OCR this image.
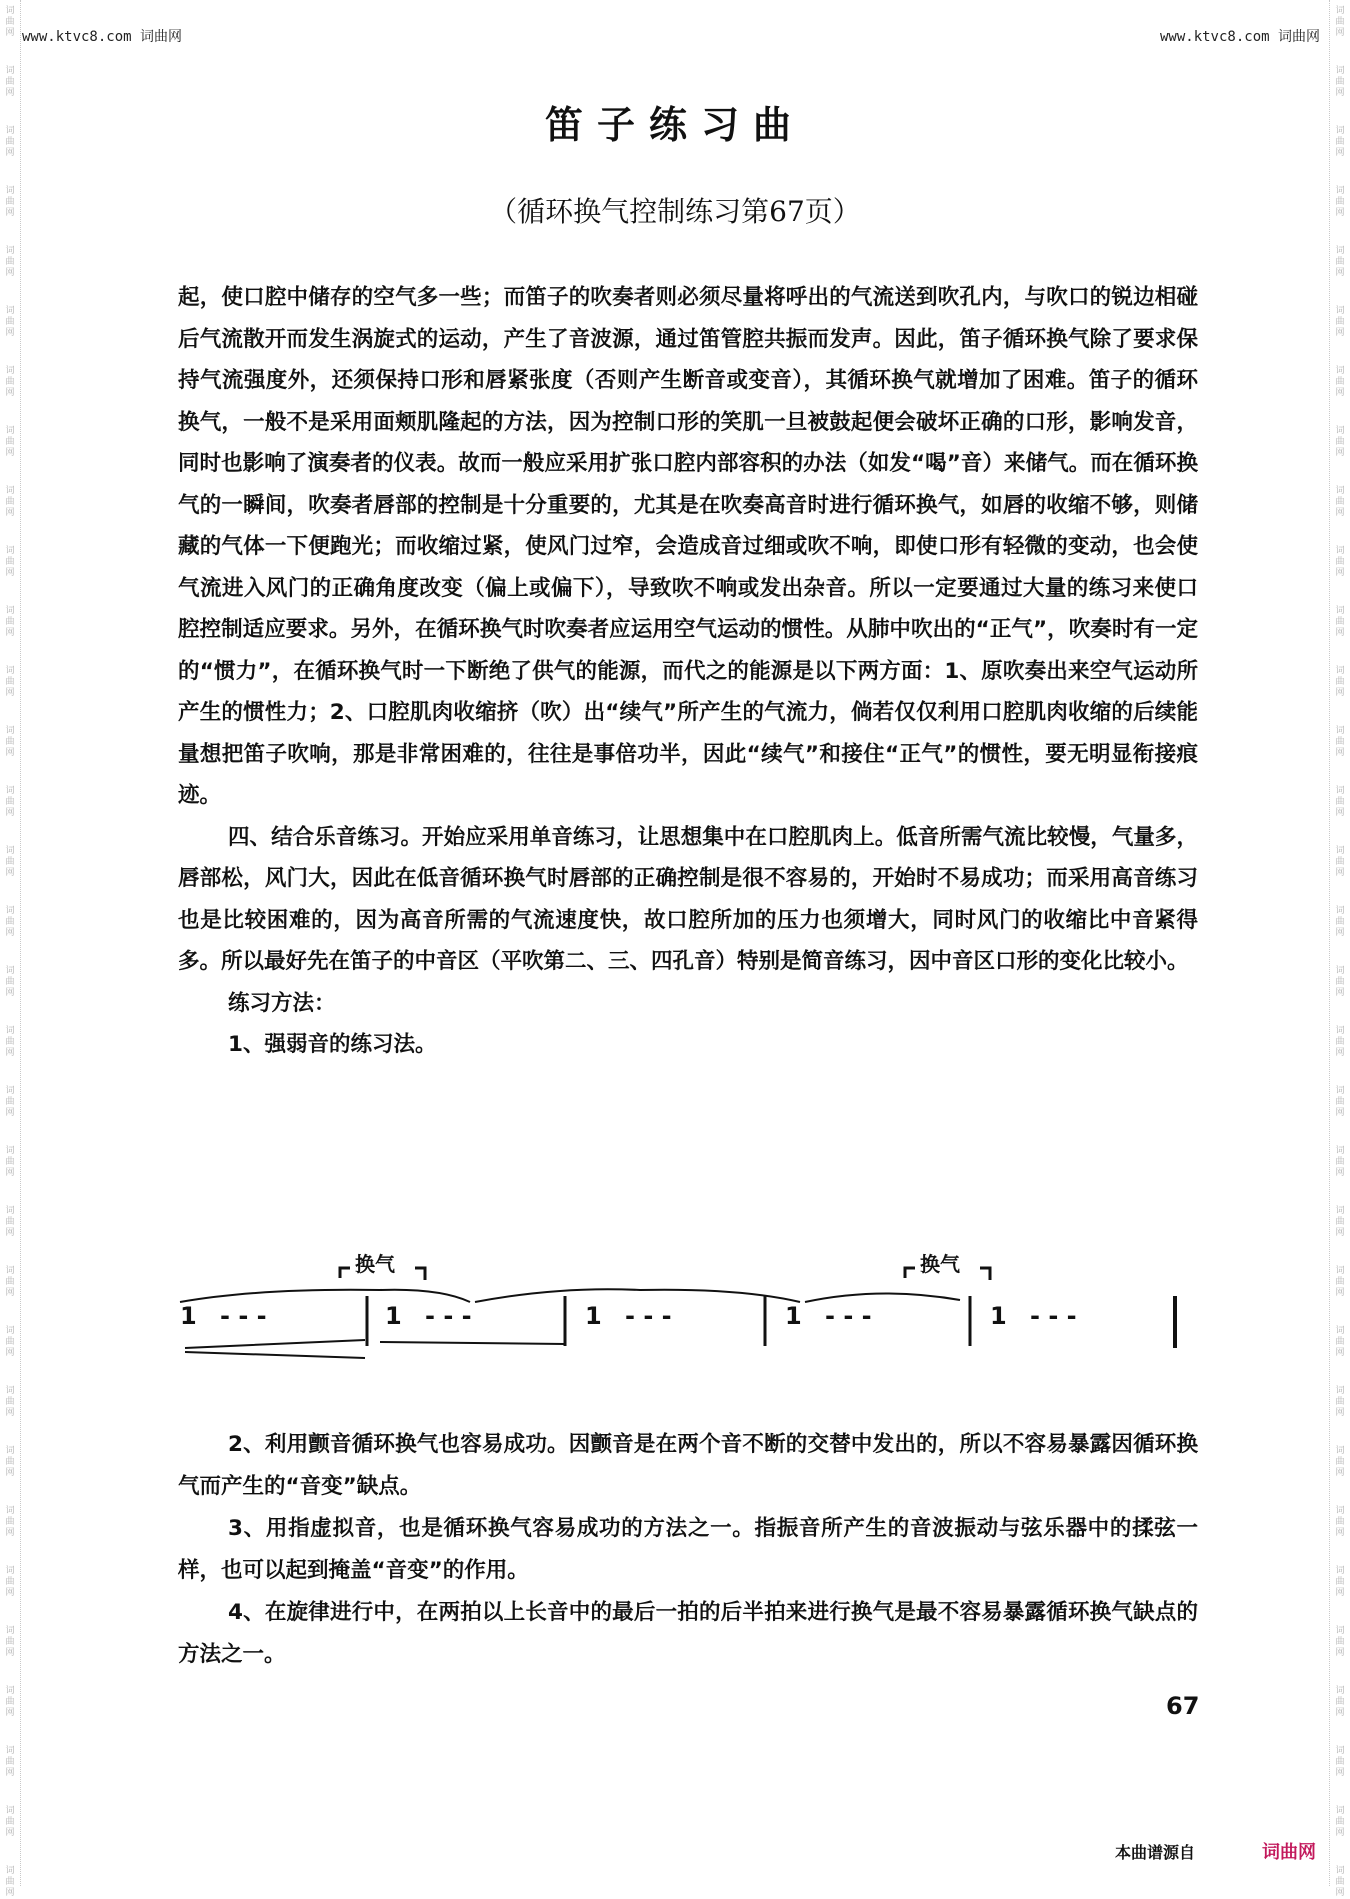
词曲网
词曲网
词曲网
词曲网
词曲网
词曲网
词曲网
词曲网
词曲网
词曲网
词曲网
词曲网
词曲网
词曲网
词曲网
词曲网
词曲网
词曲网
词曲网
词曲网
词曲网
词曲网
词曲网
词曲网
词曲网
词曲网
词曲网
词曲网
词曲网
词曲网
词曲网
词曲网
词曲网
词曲网
词曲网
词曲网
词曲网
词曲网
词曲网
词曲网
词曲网
词曲网
词曲网
词曲网
词曲网
词曲网
词曲网
词曲网
词曲网
词曲网
词曲网
词曲网
词曲网
词曲网
词曲网
词曲网
词曲网
词曲网
词曲网
词曲网
词曲网
词曲网
词曲网
词曲网
www.ktvc8.com 词曲网	www.ktvc8.com 词曲网
笛子练习曲
（循环换气控制练习第67页）

起，使口腔中储存的空气多一些；而笛子的吹奏者则必须尽量将呼出的气流送到吹孔内，与吹口的锐边相碰后气流散开而发生涡旋式的运动，产生了音波源，通过笛管腔共振而发声。因此，笛子循环换气除了要求保持气流强度外，还须保持口形和唇紧张度（否则产生断音或变音），其循环换气就增加了困难。笛子的循环换气，一般不是采用面颊肌隆起的方法，因为控制口形的笑肌一旦被鼓起便会破坏正确的口形，影响发音，同时也影响了演奏者的仪表。故而一般应采用扩张口腔内部容积的办法（如发“喝”音）来储气。而在循环换气的一瞬间，吹奏者唇部的控制是十分重要的，尤其是在吹奏高音时进行循环换气，如唇的收缩不够，则储藏的气体一下便跑光；而收缩过紧，使风门过窄，会造成音过细或吹不响，即使口形有轻微的变动，也会使气流进入风门的正确角度改变（偏上或偏下），导致吹不响或发出杂音。所以一定要通过大量的练习来使口腔控制适应要求。另外，在循环换气时吹奏者应运用空气运动的惯性。从肺中吹出的“正气”，吹奏时有一定的“惯力”，在循环换气时一下断绝了供气的能源，而代之的能源是以下两方面：1、原吹奏出来空气运动所产生的惯性力；2、口腔肌肉收缩挤（吹）出“续气”所产生的气流力，倘若仅仅利用口腔肌肉收缩的后续能量想把笛子吹响，那是非常困难的，往往是事倍功半，因此“续气”和接住“正气”的惯性，要无明显衔接痕迹。

四、结合乐音练习。开始应采用单音练习，让思想集中在口腔肌肉上。低音所需气流比较慢，气量多，唇部松，风门大，因此在低音循环换气时唇部的正确控制是很不容易的，开始时不易成功；而采用高音练习也是比较困难的，因为高音所需的气流速度快，故口腔所加的压力也须增大，同时风门的收缩比中音紧得多。所以最好先在笛子的中音区（平吹第二、三、四孔音）特别是简音练习，因中音区口形的变化比较小。

练习方法：

1、强弱音的练习法。

换气	换气
1 - - -	1 - - -	1 - - -	1 - - -	1 - - -

2、利用颤音循环换气也容易成功。因颤音是在两个音不断的交替中发出的，所以不容易暴露因循环换气而产生的“音变”缺点。

3、用指虚拟音，也是循环换气容易成功的方法之一。指振音所产生的音波振动与弦乐器中的揉弦一样，也可以起到掩盖“音变”的作用。

4、在旋律进行中，在两拍以上长音中的最后一拍的后半拍来进行换气是最不容易暴露循环换气缺点的方法之一。

67
本曲谱源自	词曲网
